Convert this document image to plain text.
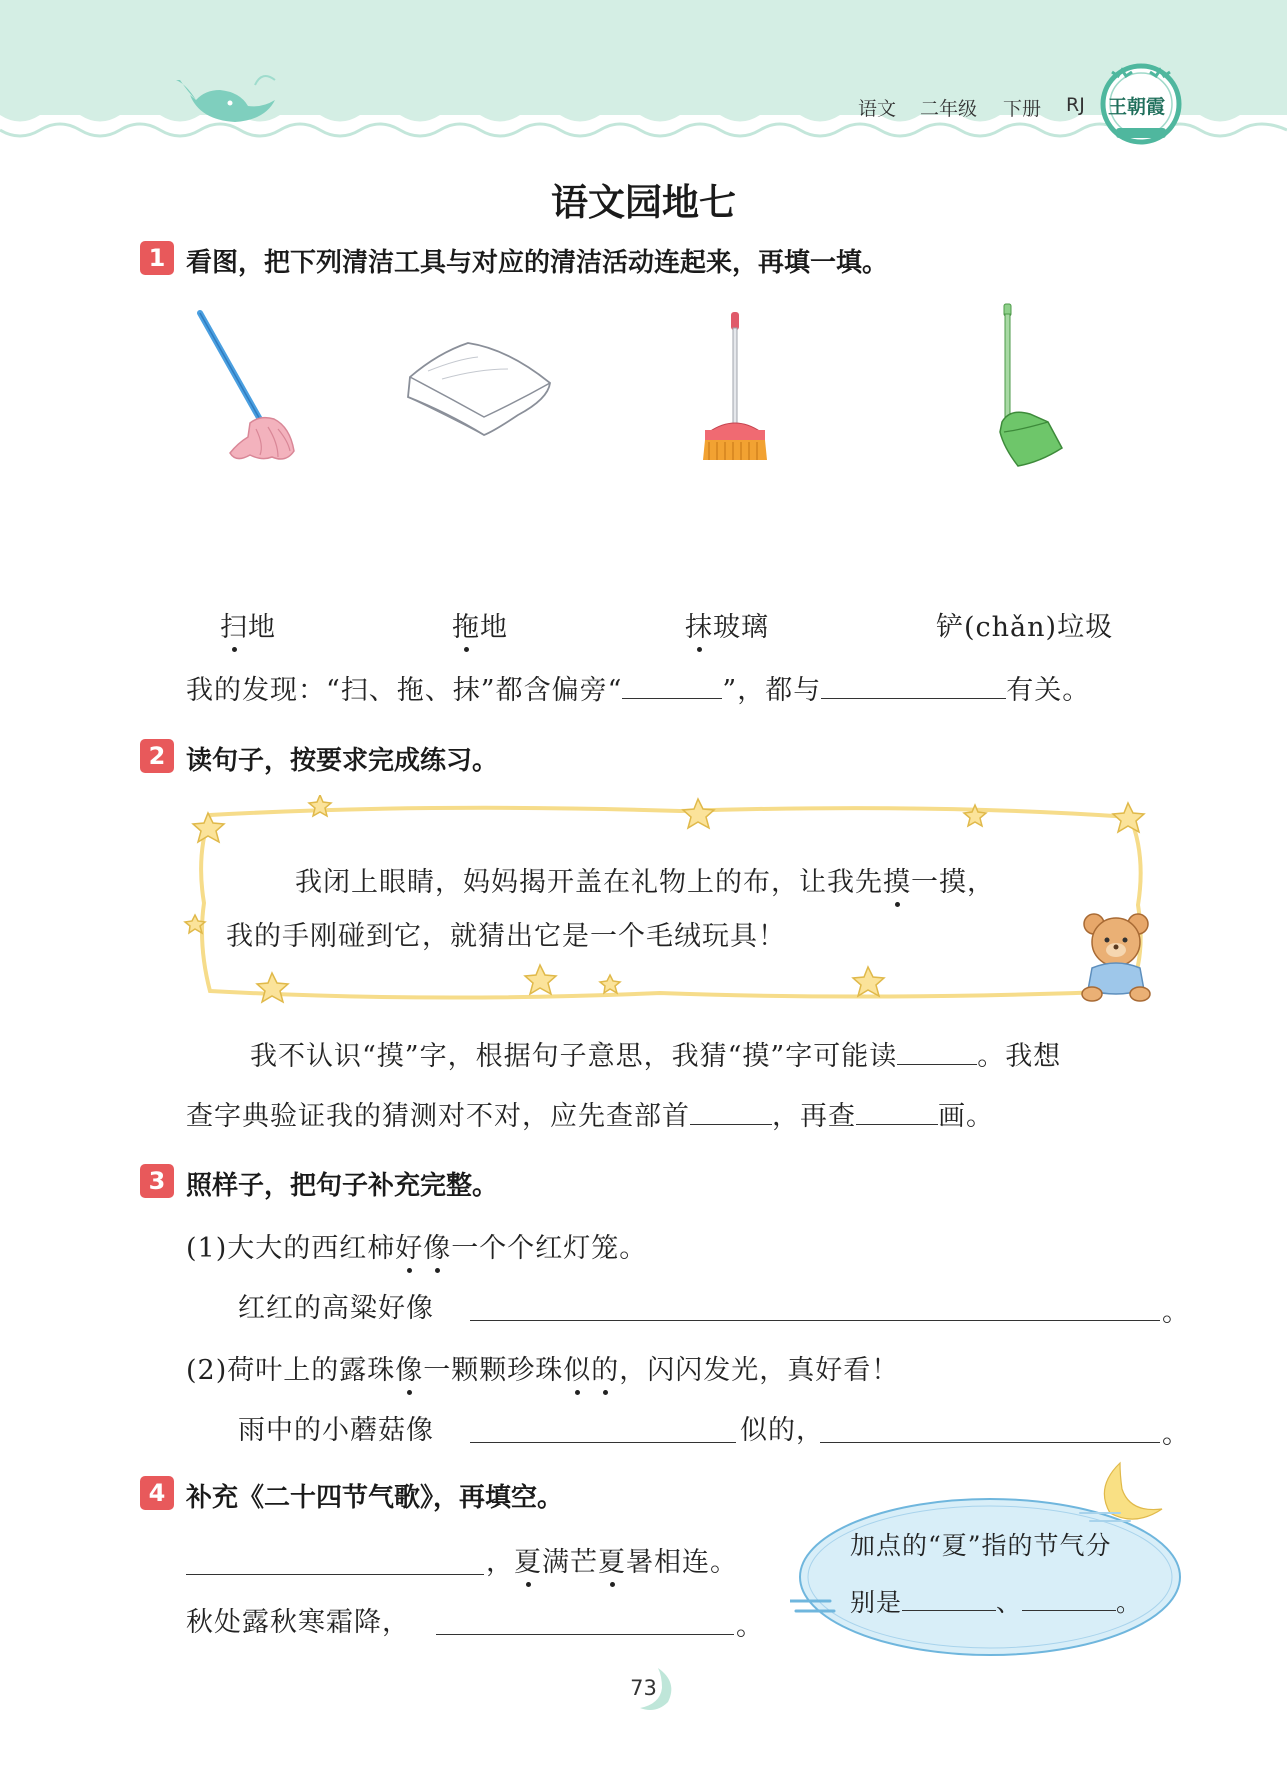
语文 二年级 下册 RJ 王朝霞
语文园地七
1 看图，把下列清洁工具与对应的清洁活动连起来，再填一填。
扫地	拖地	抹玻璃	铲(chǎn)垃圾
我的发现：“扫、拖、抹”都含偏旁“	”，都与	有关。
2 读句子，按要求完成练习。
我闭上眼睛，妈妈揭开盖在礼物上的布，让我先摸一摸，
我的手刚碰到它，就猜出它是一个毛绒玩具！
我不认识“摸”字，根据句子意思，我猜“摸”字可能读	。我想
查字典验证我的猜测对不对，应先查部首	，再查	画。
3 照样子，把句子补充完整。
(1)大大的西红柿好像一个个红灯笼。
红红的高粱好像	。
(2)荷叶上的露珠像一颗颗珍珠似的，闪闪发光，真好看！
雨中的小蘑菇像	似的，	。
4 补充《二十四节气歌》，再填空。
，夏满芒夏暑相连。
秋处露秋寒霜降，	。
加点的“夏”指的节气分
别是	、	。
73
